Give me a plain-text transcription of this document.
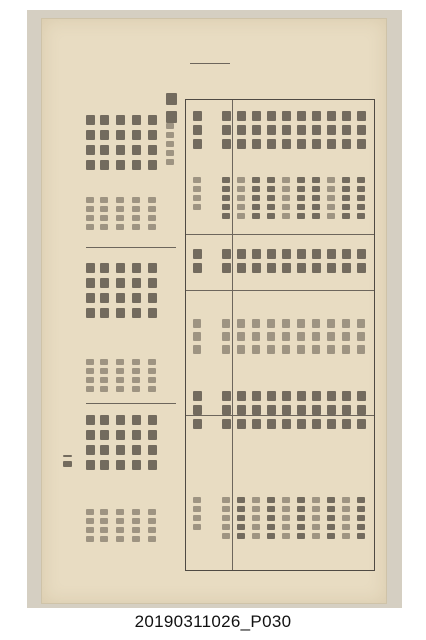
20190311026_P030
